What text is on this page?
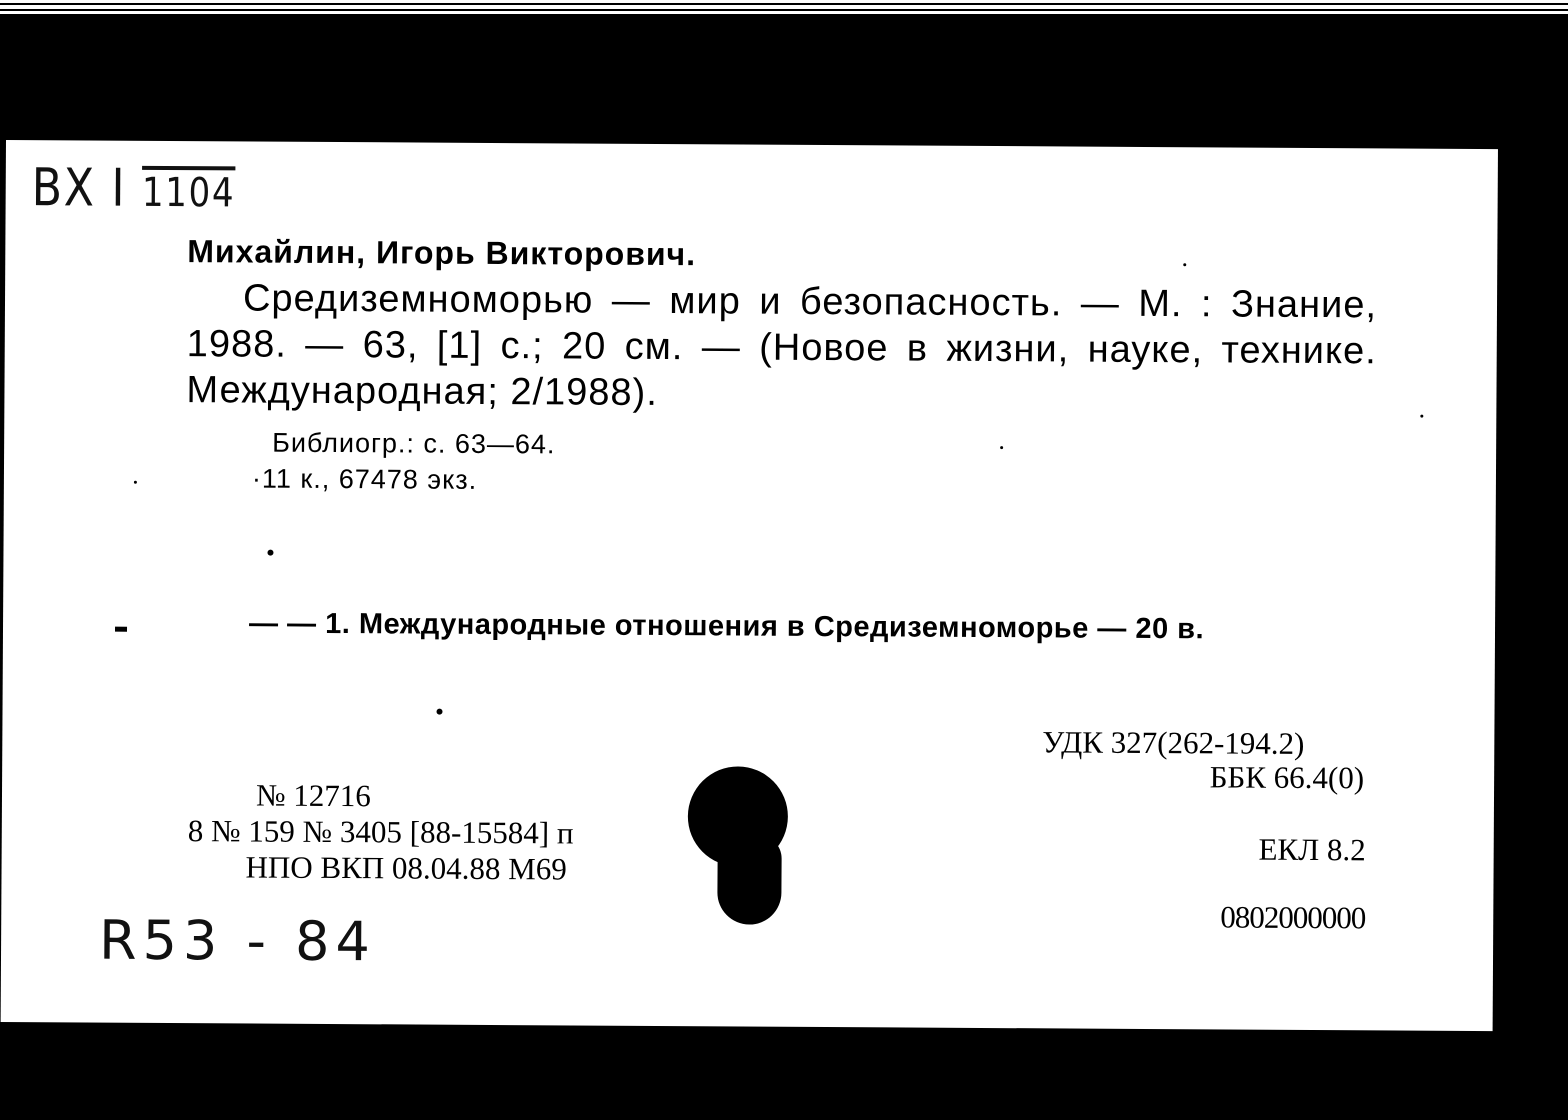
BX I 1104
Михайлин, Игорь Викторович.
Средиземноморью — мир и безопасность. — М. : Знание, 1988. — 63, [1] с.; 20 см. — (Новое в жизни, науке, технике. Международная; 2/1988).
Библиогр.: с. 63—64.
·11 к., 67478 экз.
— — 1. Международные отношения в Средиземноморье — 20 в.
УДК 327(262-194.2)
ББК 66.4(0)
ЕКЛ 8.2
0802000000
№ 12716
8 № 159 № 3405 [88-15584] п
НПО ВКП 08.04.88 М69
R53 - 84
